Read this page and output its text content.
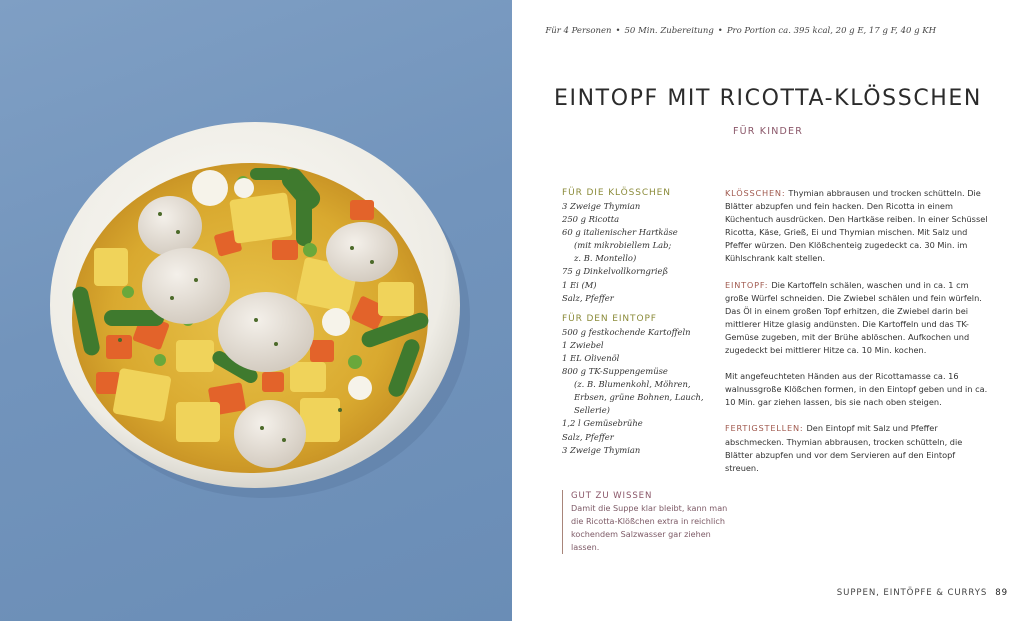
Für 4 Personen • 50 Min. Zubereitung • Pro Portion ca. 395 kcal, 20 g E, 17 g F, 40 g KH
EINTOPF MIT RICOTTA-KLÖSSCHEN
FÜR KINDER
FÜR DIE KLÖSSCHEN
3 Zweige Thymian
250 g Ricotta
60 g italienischer Hartkäse
(mit mikrobiellem Lab;
z. B. Montello)
75 g Dinkelvollkorngrieß
1 Ei (M)
Salz, Pfeffer
FÜR DEN EINTOPF
500 g festkochende Kartoffeln
1 Zwiebel
1 EL Olivenöl
800 g TK-Suppengemüse
(z. B. Blumenkohl, Möhren,
Erbsen, grüne Bohnen, Lauch,
Sellerie)
1,2 l Gemüsebrühe
Salz, Pfeffer
3 Zweige Thymian

KLÖSSCHEN: Thymian abbrausen und trocken schütteln. Die Blätter abzupfen und fein hacken. Den Ricotta in einem Küchentuch ausdrücken. Den Hartkäse reiben. In einer Schüssel Ricotta, Käse, Grieß, Ei und Thymian mischen. Mit Salz und Pfeffer würzen. Den Klößchenteig zugedeckt ca. 30 Min. im Kühlschrank kalt stellen.

EINTOPF: Die Kartoffeln schälen, waschen und in ca. 1 cm große Würfel schneiden. Die Zwiebel schälen und fein würfeln. Das Öl in einem großen Topf erhitzen, die Zwiebel darin bei mittlerer Hitze glasig andünsten. Die Kartoffeln und das TK-Gemüse zugeben, mit der Brühe ablöschen. Aufkochen und zugedeckt bei mittlerer Hitze ca. 10 Min. kochen.

Mit angefeuchteten Händen aus der Ricottamasse ca. 16 walnussgroße Klößchen formen, in den Eintopf geben und in ca. 10 Min. gar ziehen lassen, bis sie nach oben steigen.

FERTIGSTELLEN: Den Eintopf mit Salz und Pfeffer abschmecken. Thymian abbrausen, trocken schütteln, die Blätter abzupfen und vor dem Servieren auf den Eintopf streuen.

GUT ZU WISSEN
Damit die Suppe klar bleibt, kann man die Ricotta-Klößchen extra in reichlich kochendem Salzwasser gar ziehen lassen.
SUPPEN, EINTÖPFE & CURRYS 89
